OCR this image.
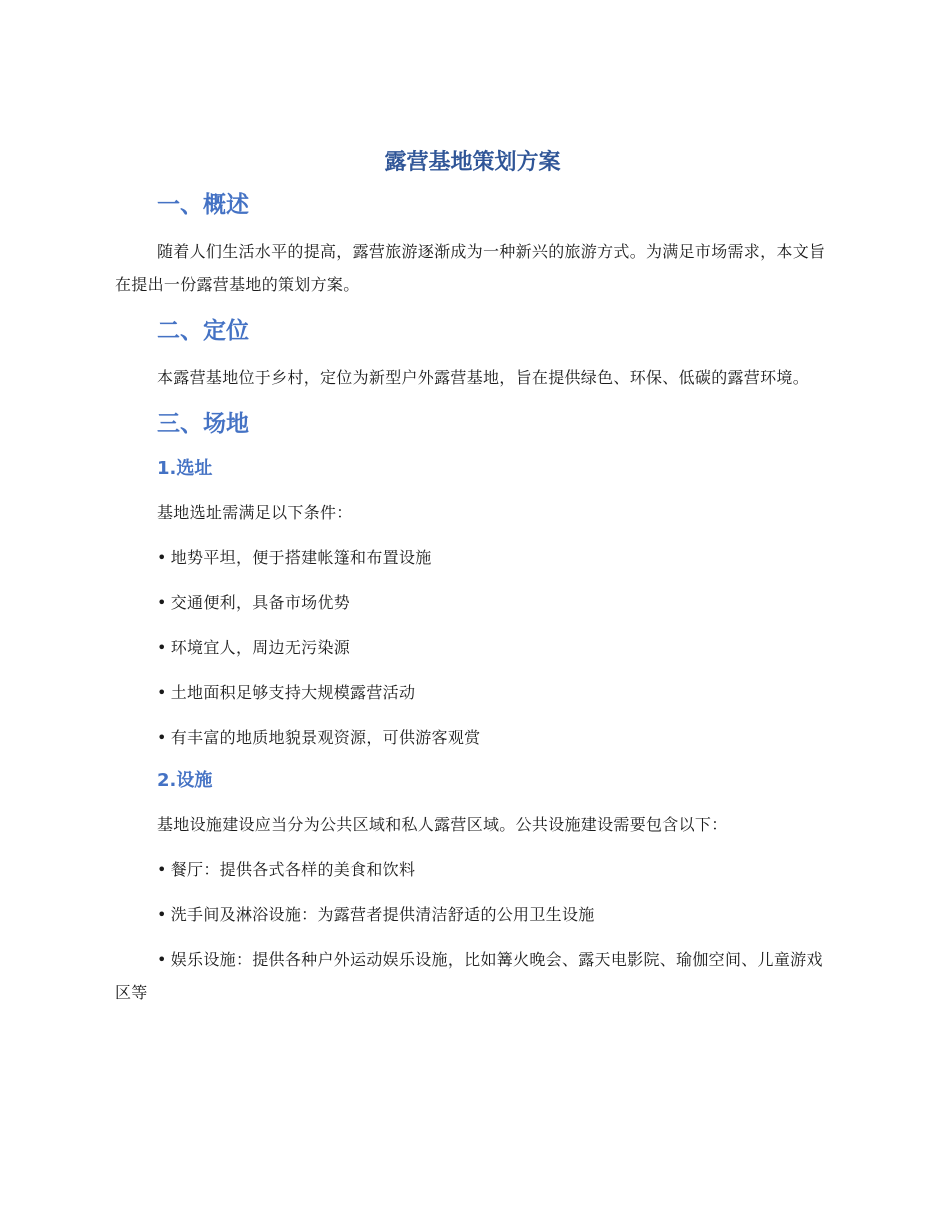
露营基地策划方案
一、概述

随着人们生活水平的提高，露营旅游逐渐成为一种新兴的旅游方式。为满足市场需求，本文旨在提出一份露营基地的策划方案。

二、定位

本露营基地位于乡村，定位为新型户外露营基地，旨在提供绿色、环保、低碳的露营环境。

三、场地
1.选址

基地选址需满足以下条件：

• 地势平坦，便于搭建帐篷和布置设施

• 交通便利，具备市场优势

• 环境宜人，周边无污染源

• 土地面积足够支持大规模露营活动

• 有丰富的地质地貌景观资源，可供游客观赏

2.设施

基地设施建设应当分为公共区域和私人露营区域。公共设施建设需要包含以下：

• 餐厅：提供各式各样的美食和饮料

• 洗手间及淋浴设施：为露营者提供清洁舒适的公用卫生设施

• 娱乐设施：提供各种户外运动娱乐设施，比如篝火晚会、露天电影院、瑜伽空间、儿童游戏区等
